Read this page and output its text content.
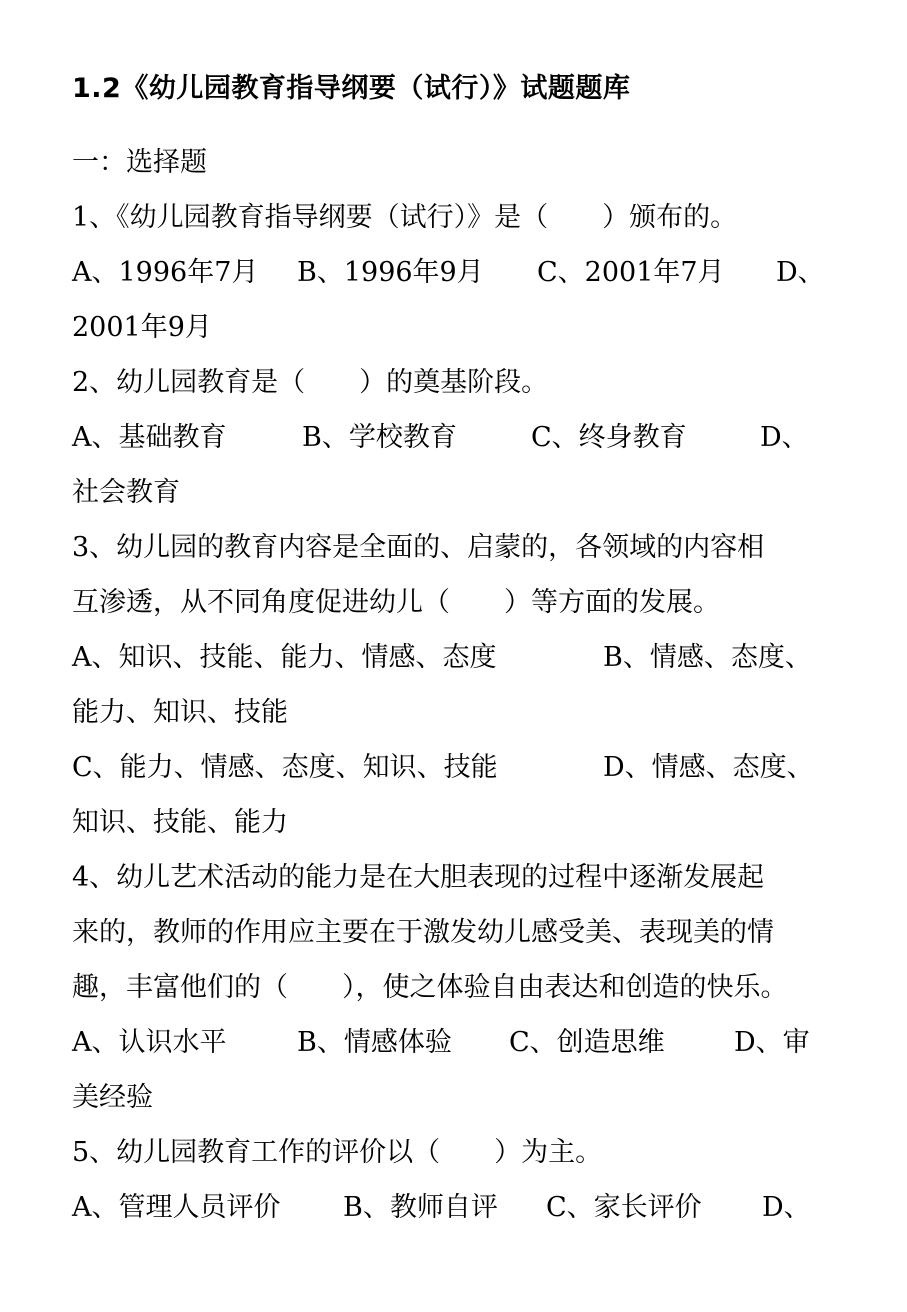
1.2《幼儿园教育指导纲要（试行）》试题题库
一：选择题
1、《幼儿园教育指导纲要（试行）》是（　　）颁布的。
A、1996年7月 B、1996年9月 C、2001年7月 D、
2001年9月
2、幼儿园教育是（　　）的奠基阶段。
A、基础教育	B、学校教育	C、终身教育	D、
社会教育
3、幼儿园的教育内容是全面的、启蒙的，各领域的内容相
互渗透，从不同角度促进幼儿（　　）等方面的发展。
A、知识、技能、能力、情感、态度	B、情感、态度、
能力、知识、技能
C、能力、情感、态度、知识、技能	D、情感、态度、
知识、技能、能力
4、幼儿艺术活动的能力是在大胆表现的过程中逐渐发展起
来的，教师的作用应主要在于激发幼儿感受美、表现美的情
趣，丰富他们的（　　），使之体验自由表达和创造的快乐。
A、认识水平	B、情感体验 C、创造思维	D、审
美经验
5、幼儿园教育工作的评价以（　　）为主。
A、管理人员评价 B、教师自评 C、家长评价 D、
